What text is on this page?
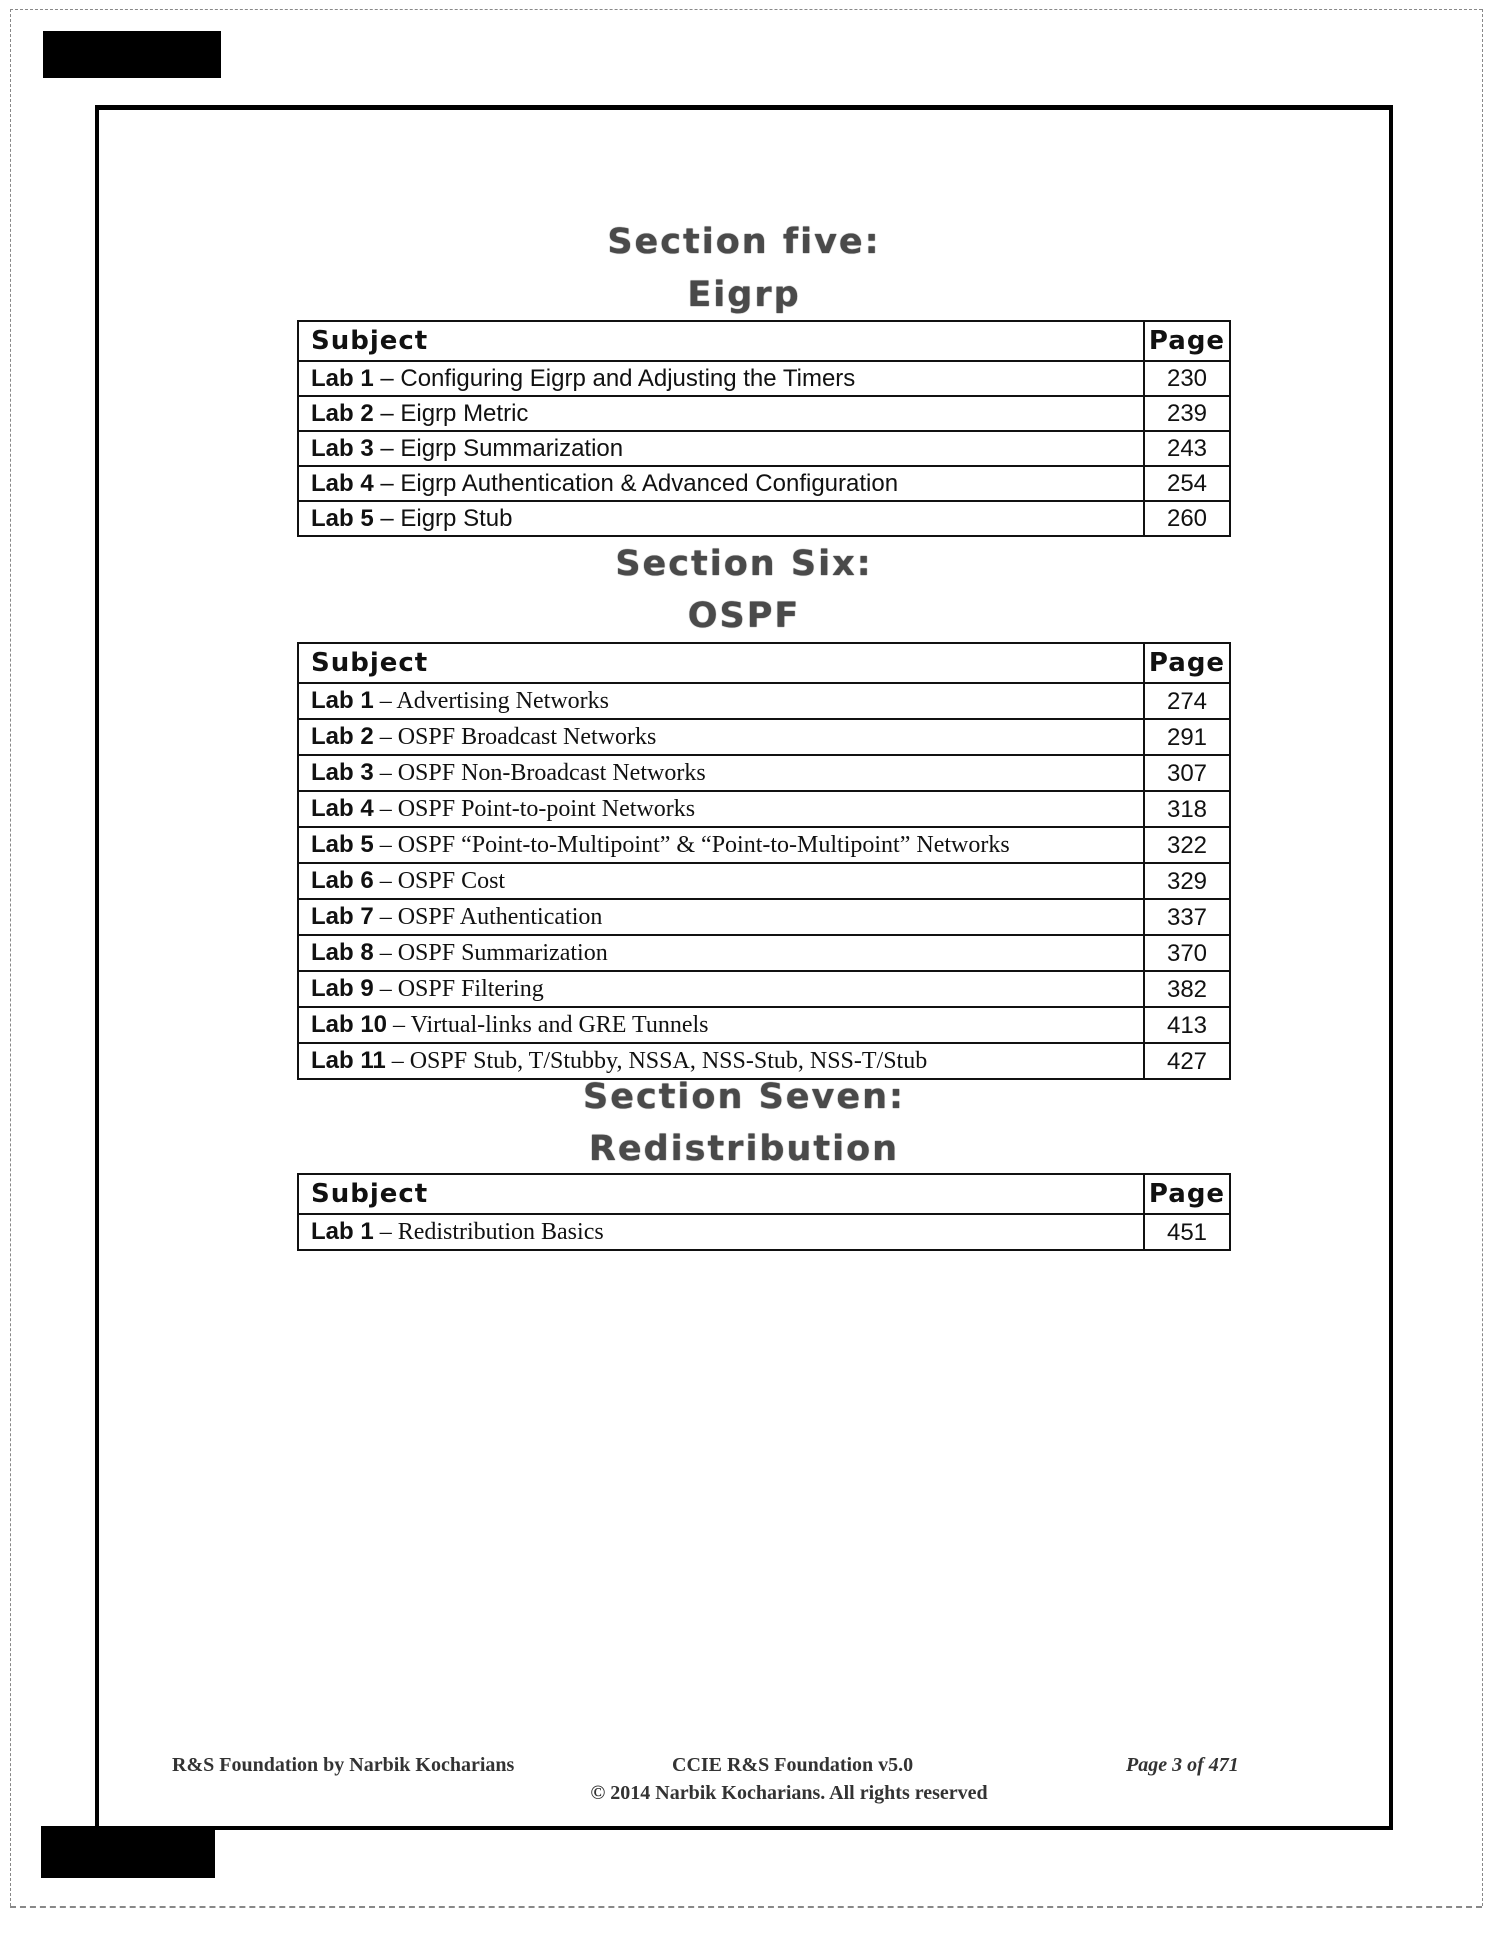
Section five:
Eigrp
Subject	Page
Lab 1 – Configuring Eigrp and Adjusting the Timers	230
Lab 2 – Eigrp Metric	239
Lab 3 – Eigrp Summarization	243
Lab 4 – Eigrp Authentication & Advanced Configuration	254
Lab 5 – Eigrp Stub	260
Section Six:
OSPF
Subject	Page
Lab 1 – Advertising Networks	274
Lab 2 – OSPF Broadcast Networks	291
Lab 3 – OSPF Non-Broadcast Networks	307
Lab 4 – OSPF Point-to-point Networks	318
Lab 5 – OSPF “Point-to-Multipoint” & “Point-to-Multipoint” Networks	322
Lab 6 – OSPF Cost	329
Lab 7 – OSPF Authentication	337
Lab 8 – OSPF Summarization	370
Lab 9 – OSPF Filtering	382
Lab 10 – Virtual-links and GRE Tunnels	413
Lab 11 – OSPF Stub, T/Stubby, NSSA, NSS-Stub, NSS-T/Stub	427
Section Seven:
Redistribution
Subject	Page
Lab 1 – Redistribution Basics	451
R&S Foundation by Narbik Kocharians	CCIE R&S Foundation v5.0	Page 3 of 471
© 2014 Narbik Kocharians. All rights reserved
